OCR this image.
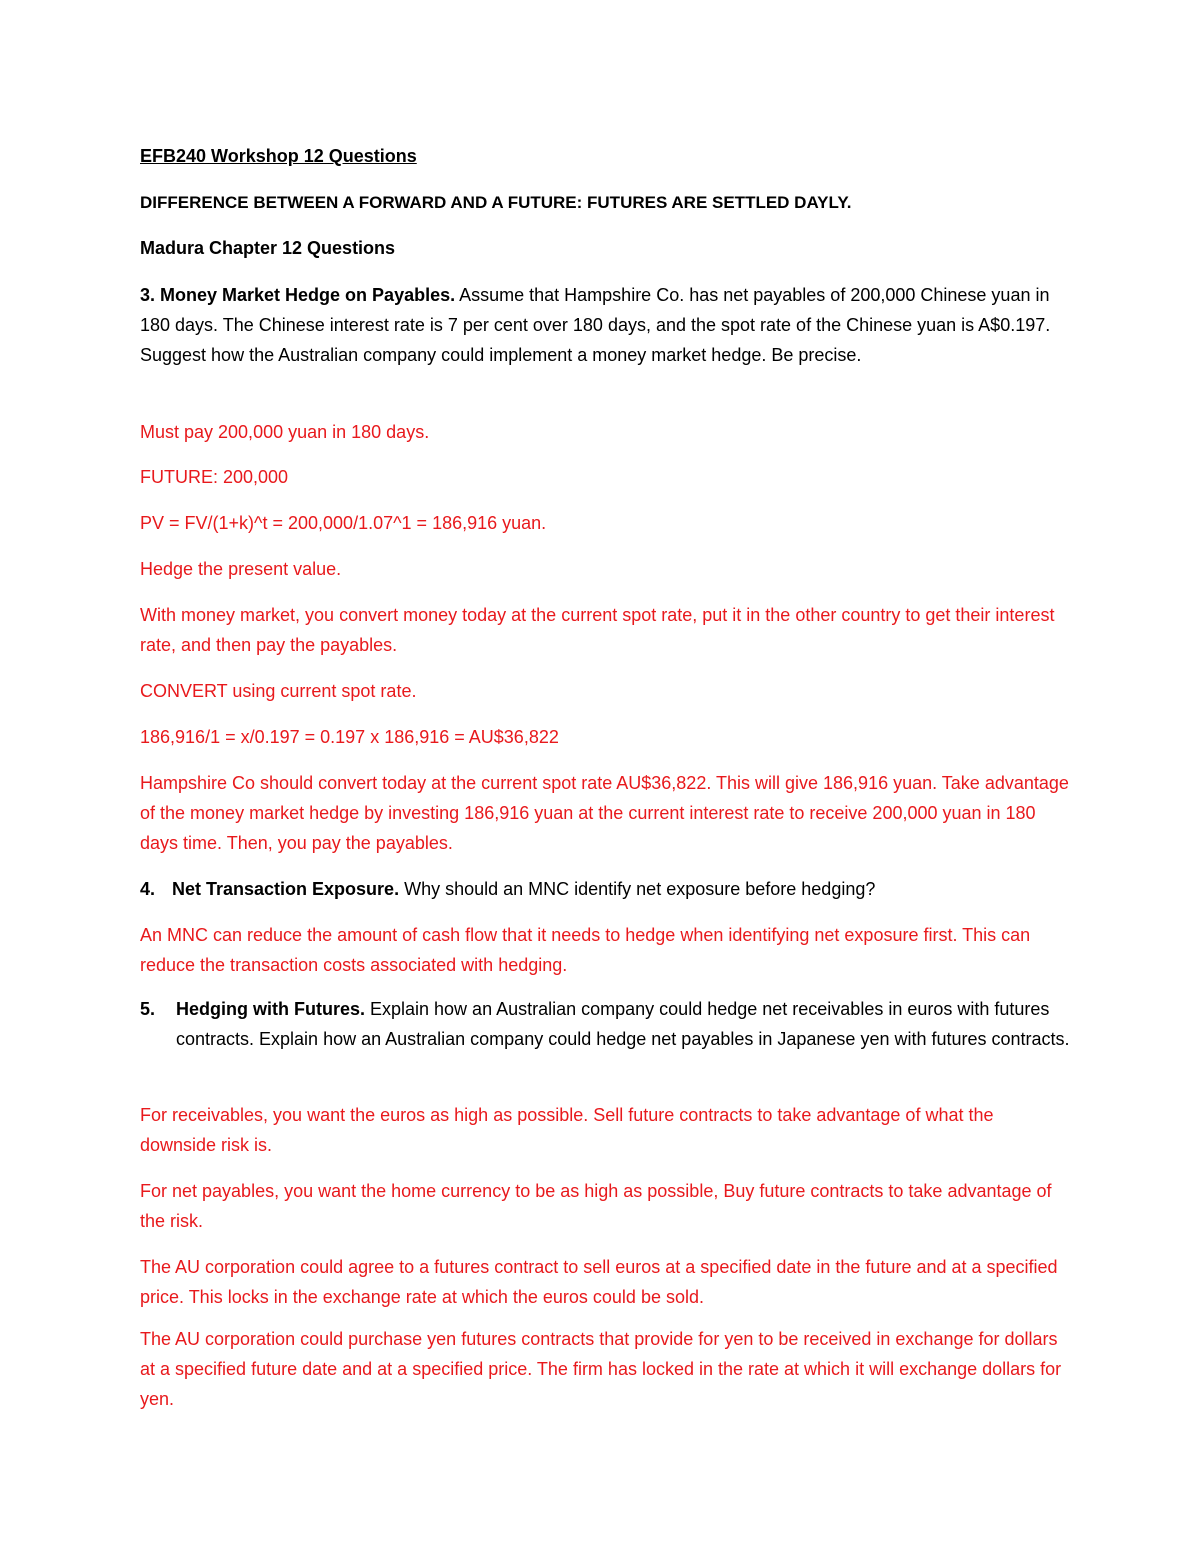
EFB240 Workshop 12 Questions

DIFFERENCE BETWEEN A FORWARD AND A FUTURE: FUTURES ARE SETTLED DAYLY.

Madura Chapter 12 Questions

3. Money Market Hedge on Payables. Assume that Hampshire Co. has net payables of 200,000 Chinese yuan in 180 days. The Chinese interest rate is 7 per cent over 180 days, and the spot rate of the Chinese yuan is A$0.197. Suggest how the Australian company could implement a money market hedge. Be precise.

Must pay 200,000 yuan in 180 days.

FUTURE: 200,000

PV = FV/(1+k)^t = 200,000/1.07^1 = 186,916 yuan.

Hedge the present value.

With money market, you convert money today at the current spot rate, put it in the other country to get their interest rate, and then pay the payables.

CONVERT using current spot rate.

186,916/1 = x/0.197 = 0.197 x 186,916 = AU$36,822

Hampshire Co should convert today at the current spot rate AU$36,822. This will give 186,916 yuan. Take advantage of the money market hedge by investing 186,916 yuan at the current interest rate to receive 200,000 yuan in 180 days time. Then, you pay the payables.

4. Net Transaction Exposure. Why should an MNC identify net exposure before hedging?

An MNC can reduce the amount of cash flow that it needs to hedge when identifying net exposure first. This can reduce the transaction costs associated with hedging.

5.	Hedging with Futures. Explain how an Australian company could hedge net receivables in euros with futures contracts. Explain how an Australian company could hedge net payables in Japanese yen with futures contracts.

For receivables, you want the euros as high as possible. Sell future contracts to take advantage of what the downside risk is.

For net payables, you want the home currency to be as high as possible, Buy future contracts to take advantage of the risk.

The AU corporation could agree to a futures contract to sell euros at a specified date in the future and at a specified price. This locks in the exchange rate at which the euros could be sold.

The AU corporation could purchase yen futures contracts that provide for yen to be received in exchange for dollars at a specified future date and at a specified price. The firm has locked in the rate at which it will exchange dollars for yen.
